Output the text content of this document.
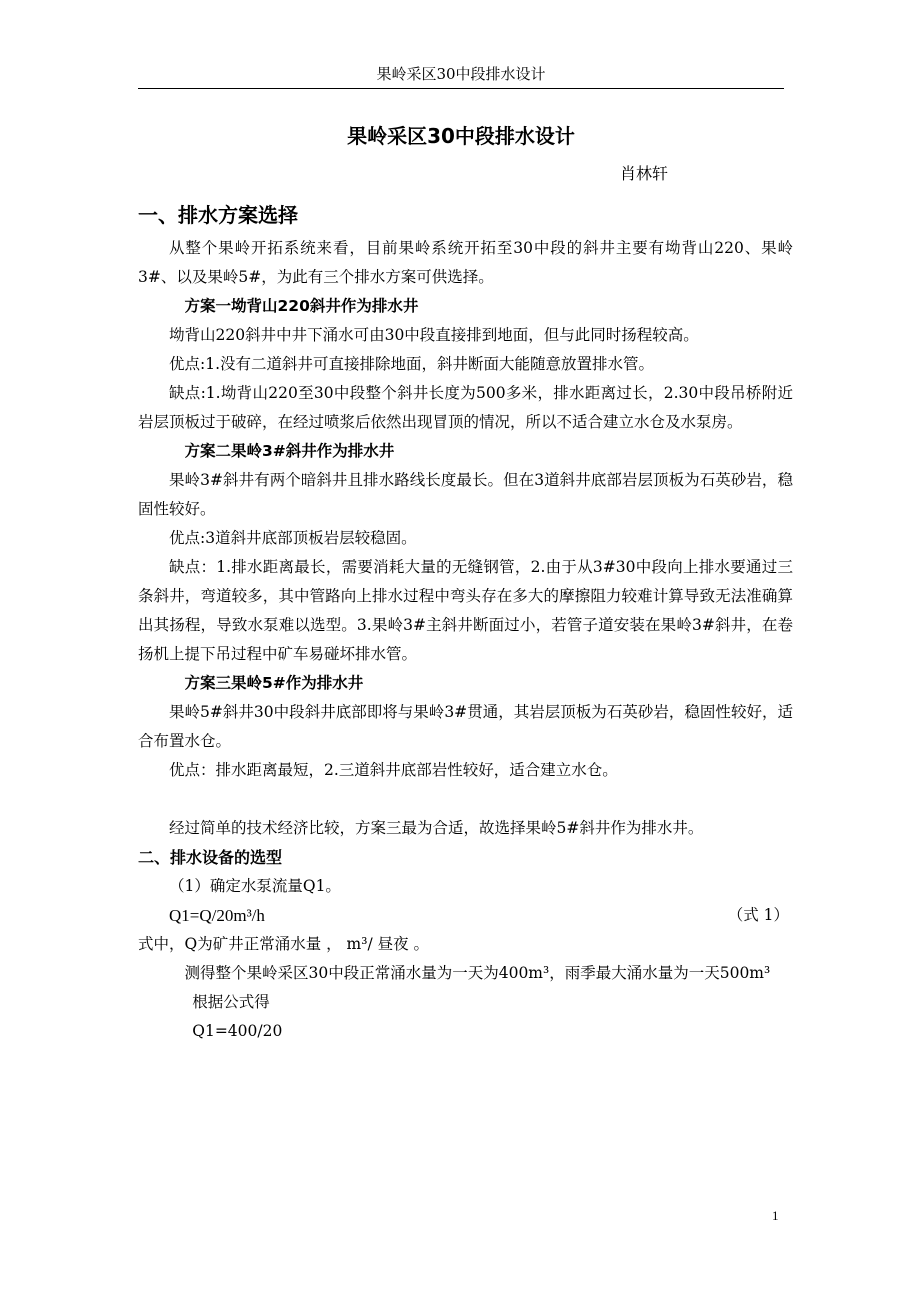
果岭采区30中段排水设计
果岭采区30中段排水设计
肖林轩
一、排水方案选择

从整个果岭开拓系统来看，目前果岭系统开拓至30中段的斜井主要有坳背山220、果岭3#、以及果岭5#，为此有三个排水方案可供选择。

方案一坳背山220斜井作为排水井

坳背山220斜井中井下涌水可由30中段直接排到地面，但与此同时扬程较高。

优点:1.没有二道斜井可直接排除地面，斜井断面大能随意放置排水管。

缺点:1.坳背山220至30中段整个斜井长度为500多米，排水距离过长，2.30中段吊桥附近岩层顶板过于破碎，在经过喷浆后依然出现冒顶的情况，所以不适合建立水仓及水泵房。

方案二果岭3#斜井作为排水井

果岭3#斜井有两个暗斜井且排水路线长度最长。但在3道斜井底部岩层顶板为石英砂岩，稳固性较好。

优点:3道斜井底部顶板岩层较稳固。

缺点：1.排水距离最长，需要消耗大量的无缝钢管，2.由于从3#30中段向上排水要通过三条斜井，弯道较多，其中管路向上排水过程中弯头存在多大的摩擦阻力较难计算导致无法准确算出其扬程，导致水泵难以选型。3.果岭3#主斜井断面过小，若管子道安装在果岭3#斜井，在卷扬机上提下吊过程中矿车易碰坏排水管。

方案三果岭5#作为排水井

果岭5#斜井30中段斜井底部即将与果岭3#贯通，其岩层顶板为石英砂岩，稳固性较好，适合布置水仓。

优点：排水距离最短，2.三道斜井底部岩性较好，适合建立水仓。

经过简单的技术经济比较，方案三最为合适，故选择果岭5#斜井作为排水井。

二、排水设备的选型

（1）确定水泵流量Q1。

Q1=Q/20m³/h	（式 1）

式中，Q为矿井正常涌水量 ， m³/ 昼夜 。

测得整个果岭采区30中段正常涌水量为一天为400m³，雨季最大涌水量为一天500m³

根据公式得

Q1=400/20

1
